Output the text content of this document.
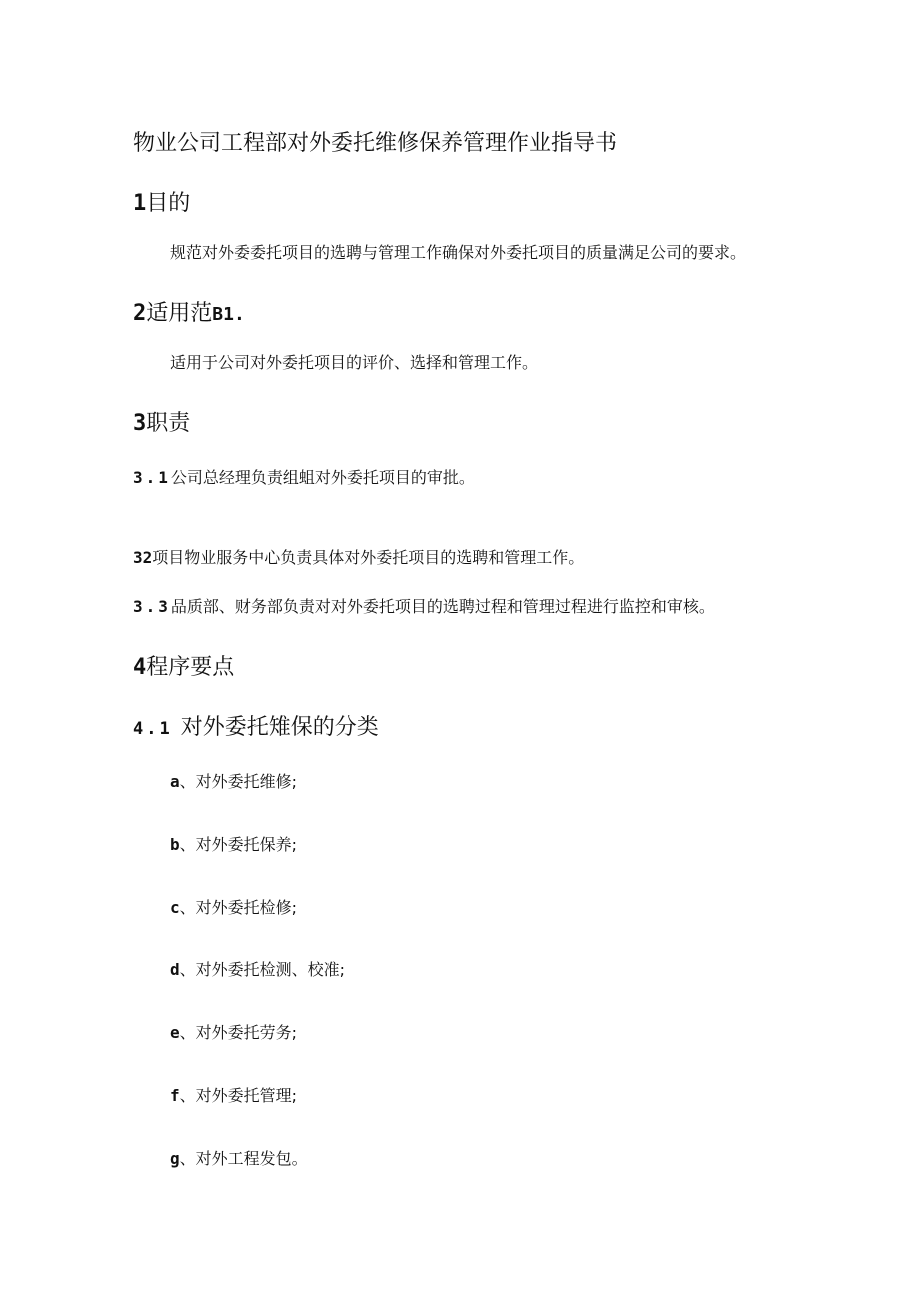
物业公司工程部对外委托维修保养管理作业指导书
1目的
规范对外委委托项目的选聘与管理工作确保对外委托项目的质量满足公司的要求。
2适用范B1.
适用于公司对外委托项目的评价、选择和管理工作。
3职责
3.1公司总经理负责组蛆对外委托项目的审批。
32项目物业服务中心负责具体对外委托项目的选聘和管理工作。
3.3品质部、财务部负责对对外委托项目的选聘过程和管理过程进行监控和审核。
4程序要点
4.1 对外委托雉保的分类
a、对外委托维修;
b、对外委托保养;
c、对外委托检修;
d、对外委托检测、校准;
e、对外委托劳务;
f、对外委托管理;
g、对外工程发包。
